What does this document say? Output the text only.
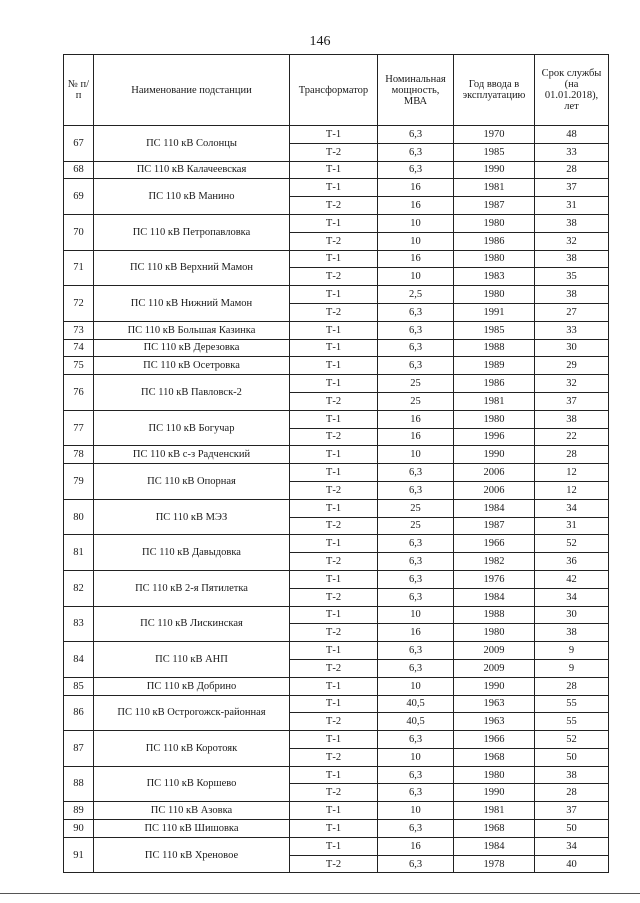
146
№ п/п	Наименование подстанции	Трансформатор	Номинальная мощность, МВА	Год ввода в эксплуатацию	Срок службы (на 01.01.2018), лет
67	ПС 110 кВ Солонцы	Т-1	6,3	1970	48
		Т-2	6,3	1985	33
68	ПС 110 кВ Калачеевская	Т-1	6,3	1990	28
69	ПС 110 кВ Манино	Т-1	16	1981	37
		Т-2	16	1987	31
70	ПС 110 кВ Петропавловка	Т-1	10	1980	38
		Т-2	10	1986	32
71	ПС 110 кВ Верхний Мамон	Т-1	16	1980	38
		Т-2	10	1983	35
72	ПС 110 кВ Нижний Мамон	Т-1	2,5	1980	38
		Т-2	6,3	1991	27
73	ПС 110 кВ Большая Казинка	Т-1	6,3	1985	33
74	ПС 110 кВ Дерезовка	Т-1	6,3	1988	30
75	ПС 110 кВ Осетровка	Т-1	6,3	1989	29
76	ПС 110 кВ Павловск-2	Т-1	25	1986	32
		Т-2	25	1981	37
77	ПС 110 кВ Богучар	Т-1	16	1980	38
		Т-2	16	1996	22
78	ПС 110 кВ с-з Радченский	Т-1	10	1990	28
79	ПС 110 кВ Опорная	Т-1	6,3	2006	12
		Т-2	6,3	2006	12
80	ПС 110 кВ МЭЗ	Т-1	25	1984	34
		Т-2	25	1987	31
81	ПС 110 кВ Давыдовка	Т-1	6,3	1966	52
		Т-2	6,3	1982	36
82	ПС 110 кВ 2-я Пятилетка	Т-1	6,3	1976	42
		Т-2	6,3	1984	34
83	ПС 110 кВ Лискинская	Т-1	10	1988	30
		Т-2	16	1980	38
84	ПС 110 кВ АНП	Т-1	6,3	2009	9
		Т-2	6,3	2009	9
85	ПС 110 кВ Добрино	Т-1	10	1990	28
86	ПС 110 кВ Острогожск-районная	Т-1	40,5	1963	55
		Т-2	40,5	1963	55
87	ПС 110 кВ Коротояк	Т-1	6,3	1966	52
		Т-2	10	1968	50
88	ПС 110 кВ Коршево	Т-1	6,3	1980	38
		Т-2	6,3	1990	28
89	ПС 110 кВ Азовка	Т-1	10	1981	37
90	ПС 110 кВ Шишовка	Т-1	6,3	1968	50
91	ПС 110 кВ Хреновое	Т-1	16	1984	34
		Т-2	6,3	1978	40
